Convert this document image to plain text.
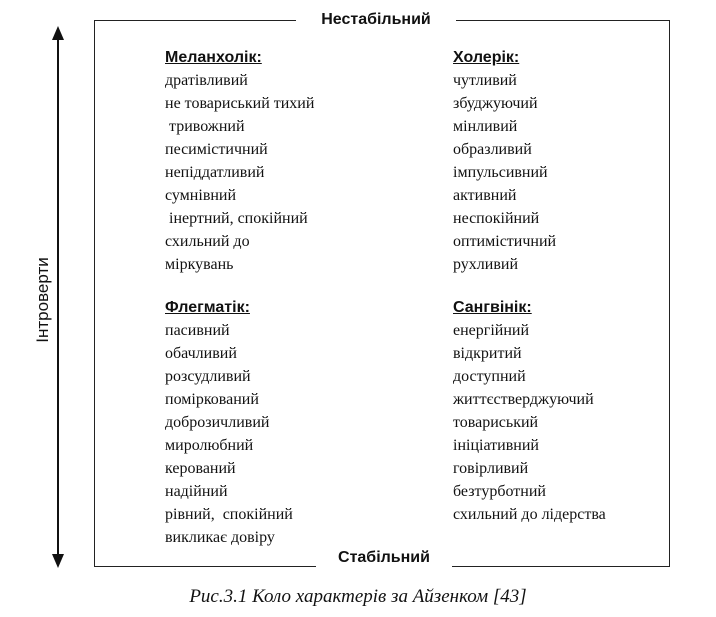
Нестабільний
Стабільний
Інтроверти
Меланхолік:
дратівливий
не товариський тихий
тривожний
песимістичний
непіддатливий
сумнівний
інертний, спокійний
схильний до
міркувань
Холерік:
чутливий
збуджуючий
мінливий
образливий
імпульсивний
активний
неспокійний
оптимістичний
рухливий
Флегматік:
пасивний
обачливий
розсудливий
поміркований
доброзичливий
миролюбний
керований
надійний
рівний,  спокійний
викликає довіру
Сангвінік:
енергійний
відкритий
доступний
життєстверджуючий
товариський
ініціативний
говірливий
безтурботний
схильний до лідерства
Рис.3.1 Коло характерів за Айзенком [43]
